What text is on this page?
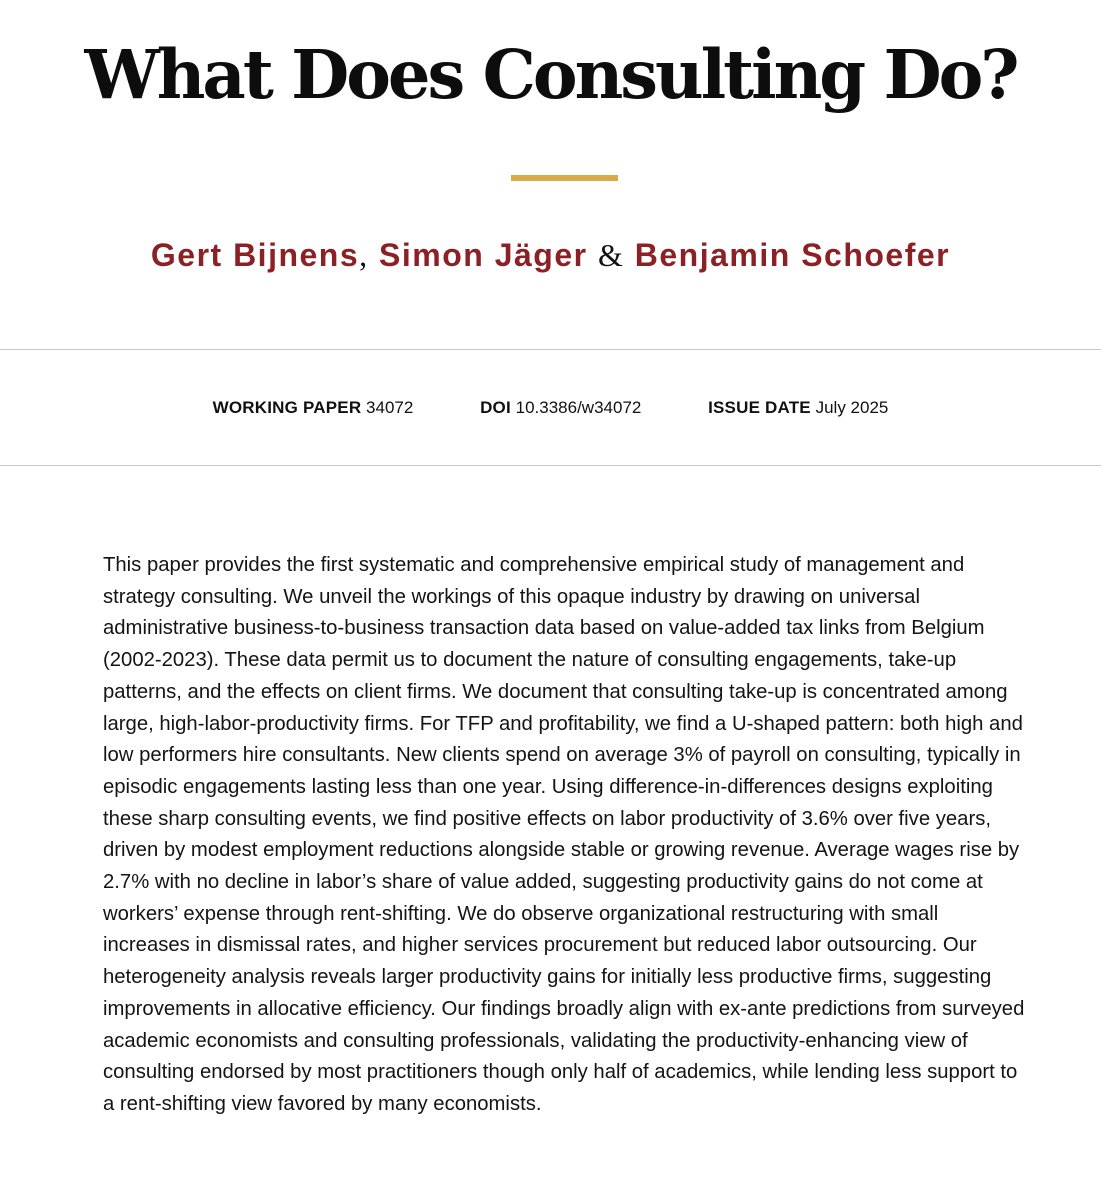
What Does Consulting Do?
Gert Bijnens, Simon Jäger & Benjamin Schoefer
WORKING PAPER 34072	DOI 10.3386/w34072	ISSUE DATE July 2025

This paper provides the first systematic and comprehensive empirical study of management and strategy consulting. We unveil the workings of this opaque industry by drawing on universal administrative business-to-business transaction data based on value-added tax links from Belgium (2002-2023). These data permit us to document the nature of consulting engagements, take-up patterns, and the effects on client firms. We document that consulting take-up is concentrated among large, high-labor-productivity firms. For TFP and profitability, we find a U-shaped pattern: both high and low performers hire consultants. New clients spend on average 3% of payroll on consulting, typically in episodic engagements lasting less than one year. Using difference-in-differences designs exploiting these sharp consulting events, we find positive effects on labor productivity of 3.6% over five years, driven by modest employment reductions alongside stable or growing revenue. Average wages rise by 2.7% with no decline in labor’s share of value added, suggesting productivity gains do not come at workers’ expense through rent-shifting. We do observe organizational restructuring with small increases in dismissal rates, and higher services procurement but reduced labor outsourcing. Our heterogeneity analysis reveals larger productivity gains for initially less productive firms, suggesting improvements in allocative efficiency. Our findings broadly align with ex-ante predictions from surveyed academic economists and consulting professionals, validating the productivity-enhancing view of consulting endorsed by most practitioners though only half of academics, while lending less support to a rent-shifting view favored by many economists.
